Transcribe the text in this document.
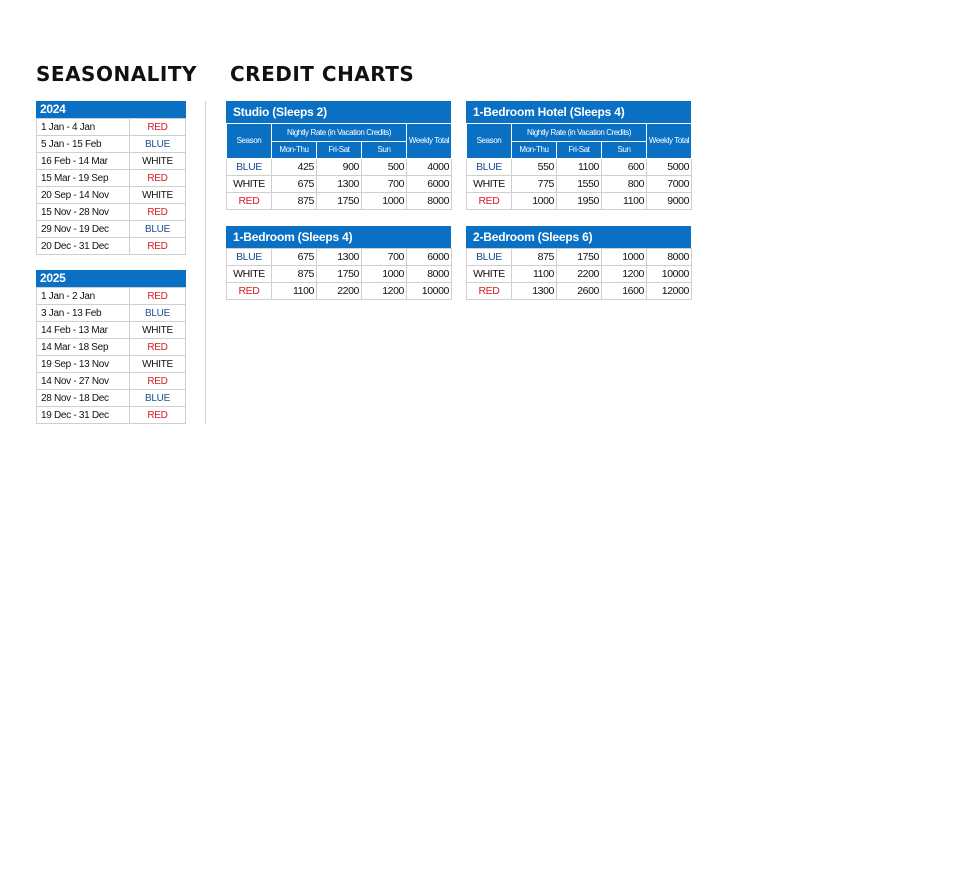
SEASONALITY CREDIT CHARTS
2024
1 Jan - 4 Jan	RED
5 Jan - 15 Feb	BLUE
16 Feb - 14 Mar	WHITE
15 Mar - 19 Sep	RED
20 Sep - 14 Nov	WHITE
15 Nov - 28 Nov	RED
29 Nov - 19 Dec	BLUE
20 Dec - 31 Dec	RED
2025
1 Jan - 2 Jan	RED
3 Jan - 13 Feb	BLUE
14 Feb - 13 Mar	WHITE
14 Mar - 18 Sep	RED
19 Sep - 13 Nov	WHITE
14 Nov - 27 Nov	RED
28 Nov - 18 Dec	BLUE
19 Dec - 31 Dec	RED
Studio (Sleeps 2)
Season	Nightly Rate (in Vacation Credits)			Weekly Total
	Mon-Thu	Fri-Sat	Sun	
BLUE	425	900	500	4000
WHITE	675	1300	700	6000
RED	875	1750	1000	8000
1-Bedroom Hotel (Sleeps 4)
Season	Nightly Rate (in Vacation Credits)			Weekly Total
	Mon-Thu	Fri-Sat	Sun	
BLUE	550	1100	600	5000
WHITE	775	1550	800	7000
RED	1000	1950	1100	9000
1-Bedroom (Sleeps 4)
BLUE	675	1300	700	6000
WHITE	875	1750	1000	8000
RED	1100	2200	1200	10000
2-Bedroom (Sleeps 6)
BLUE	875	1750	1000	8000
WHITE	1100	2200	1200	10000
RED	1300	2600	1600	12000
